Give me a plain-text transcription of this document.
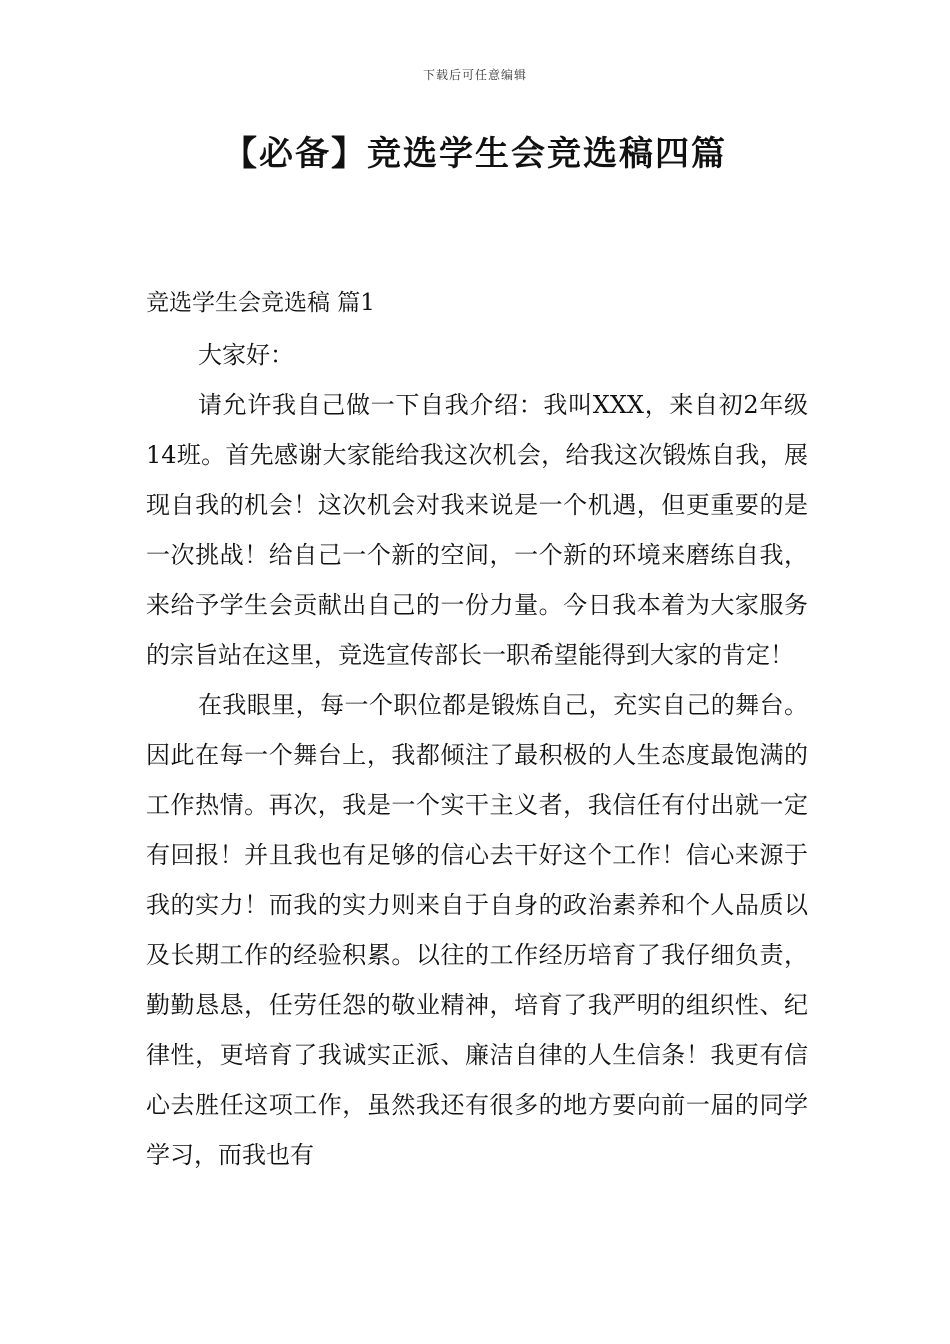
下载后可任意编辑
【必备】竞选学生会竞选稿四篇
竞选学生会竞选稿 篇1

大家好：

请允许我自己做一下自我介绍：我叫XXX，来自初2年级14班。首先感谢大家能给我这次机会，给我这次锻炼自我，展现自我的机会！这次机会对我来说是一个机遇，但更重要的是一次挑战！给自己一个新的空间，一个新的环境来磨练自我，来给予学生会贡献出自己的一份力量。今日我本着为大家服务的宗旨站在这里，竞选宣传部长一职希望能得到大家的肯定！

在我眼里，每一个职位都是锻炼自己，充实自己的舞台。因此在每一个舞台上，我都倾注了最积极的人生态度最饱满的工作热情。再次，我是一个实干主义者，我信任有付出就一定有回报！并且我也有足够的信心去干好这个工作！信心来源于我的实力！而我的实力则来自于自身的政治素养和个人品质以及长期工作的经验积累。以往的工作经历培育了我仔细负责，勤勤恳恳，任劳任怨的敬业精神，培育了我严明的组织性、纪律性，更培育了我诚实正派、廉洁自律的人生信条！我更有信心去胜任这项工作，虽然我还有很多的地方要向前一届的同学学习，而我也有
